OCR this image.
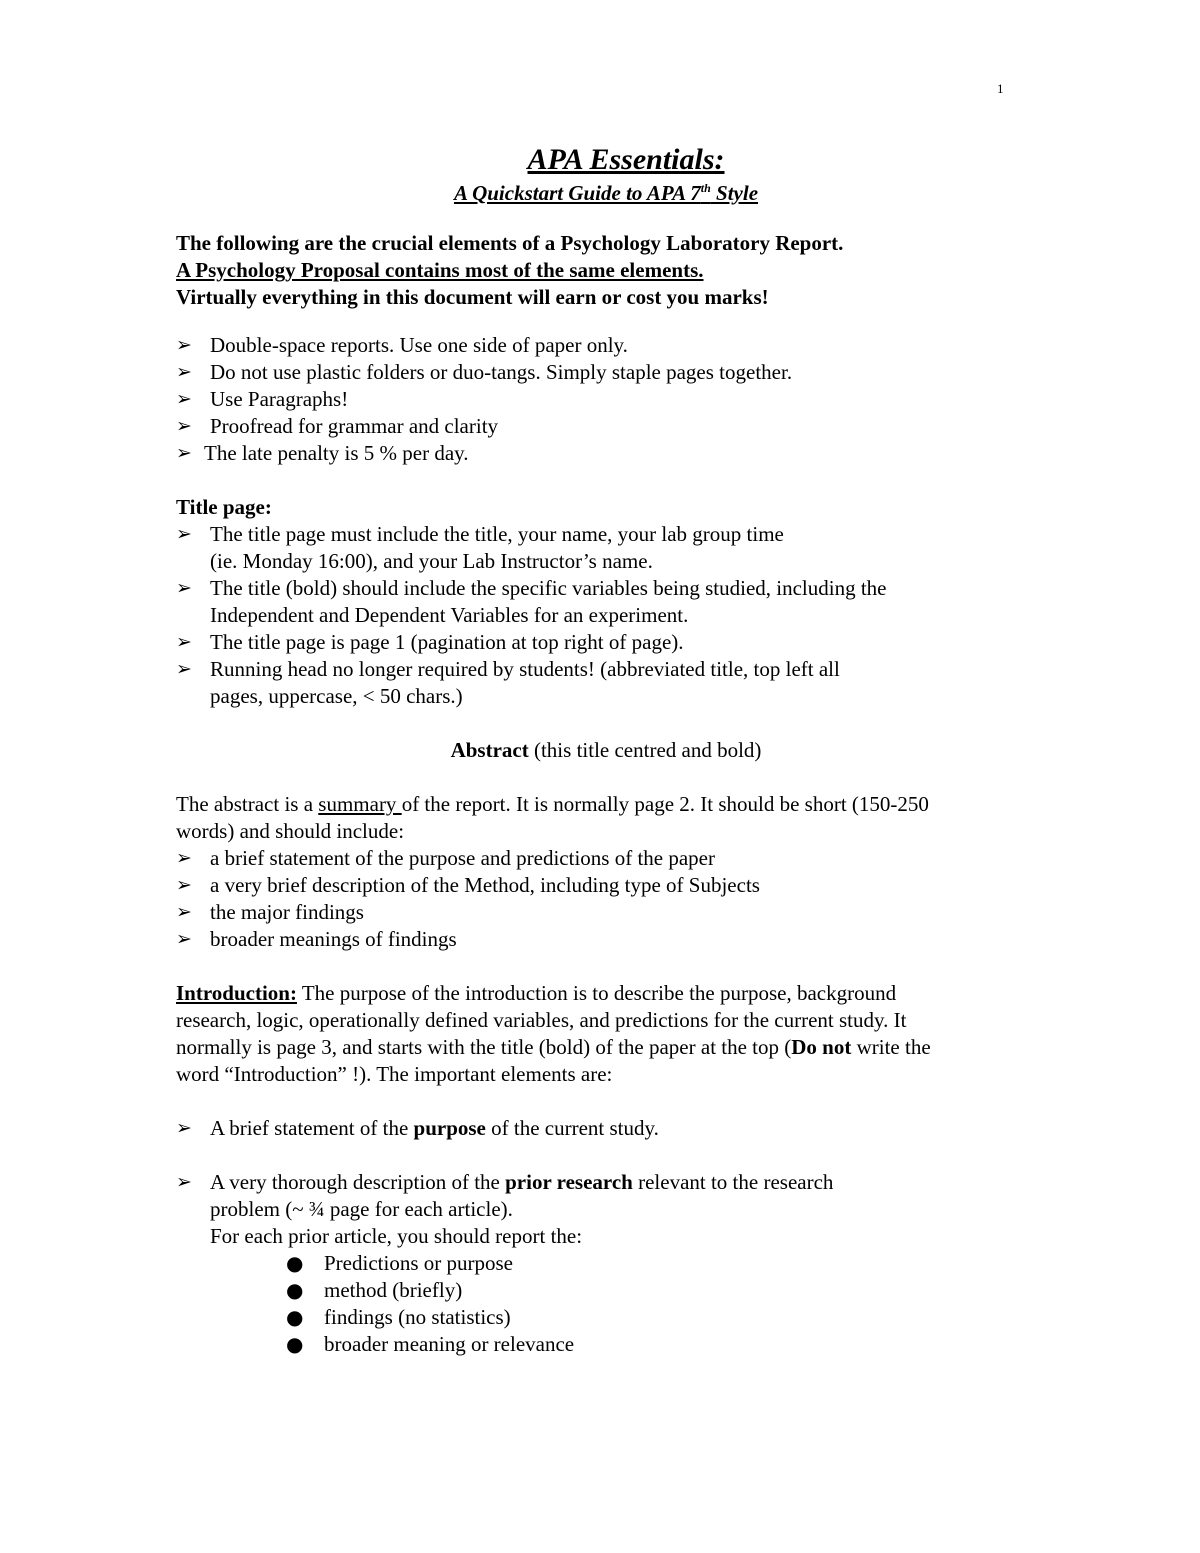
1
APA Essentials:
A Quickstart Guide to APA 7th Style

The following are the crucial elements of a Psychology Laboratory Report.

A Psychology Proposal contains most of the same elements.

Virtually everything in this document will earn or cost you marks!

➢ Double-space reports. Use one side of paper only.
➢ Do not use plastic folders or duo-tangs. Simply staple pages together.
➢ Use Paragraphs!
➢ Proofread for grammar and clarity
➢ The late penalty is 5 % per day.

Title page:

➢ The title page must include the title, your name, your lab group time
(ie. Monday 16:00), and your Lab Instructor’s name.
➢ The title (bold) should include the specific variables being studied, including the
Independent and Dependent Variables for an experiment.
➢ The title page is page 1 (pagination at top right of page).
➢ Running head no longer required by students! (abbreviated title, top left all
pages, uppercase, < 50 chars.)

Abstract (this title centred and bold)

The abstract is a summary of the report. It is normally page 2. It should be short (150-250
words) and should include:

➢ a brief statement of the purpose and predictions of the paper
➢ a very brief description of the Method, including type of Subjects
➢ the major findings
➢ broader meanings of findings

Introduction: The purpose of the introduction is to describe the purpose, background
research, logic, operationally defined variables, and predictions for the current study. It
normally is page 3, and starts with the title (bold) of the paper at the top (Do not write the
word “Introduction” !). The important elements are:

➢ A brief statement of the purpose of the current study.
➢ A very thorough description of the prior research relevant to the research
problem (~ ¾ page for each article).
For each prior article, you should report the:
● Predictions or purpose
● method (briefly)
● findings (no statistics)
● broader meaning or relevance
